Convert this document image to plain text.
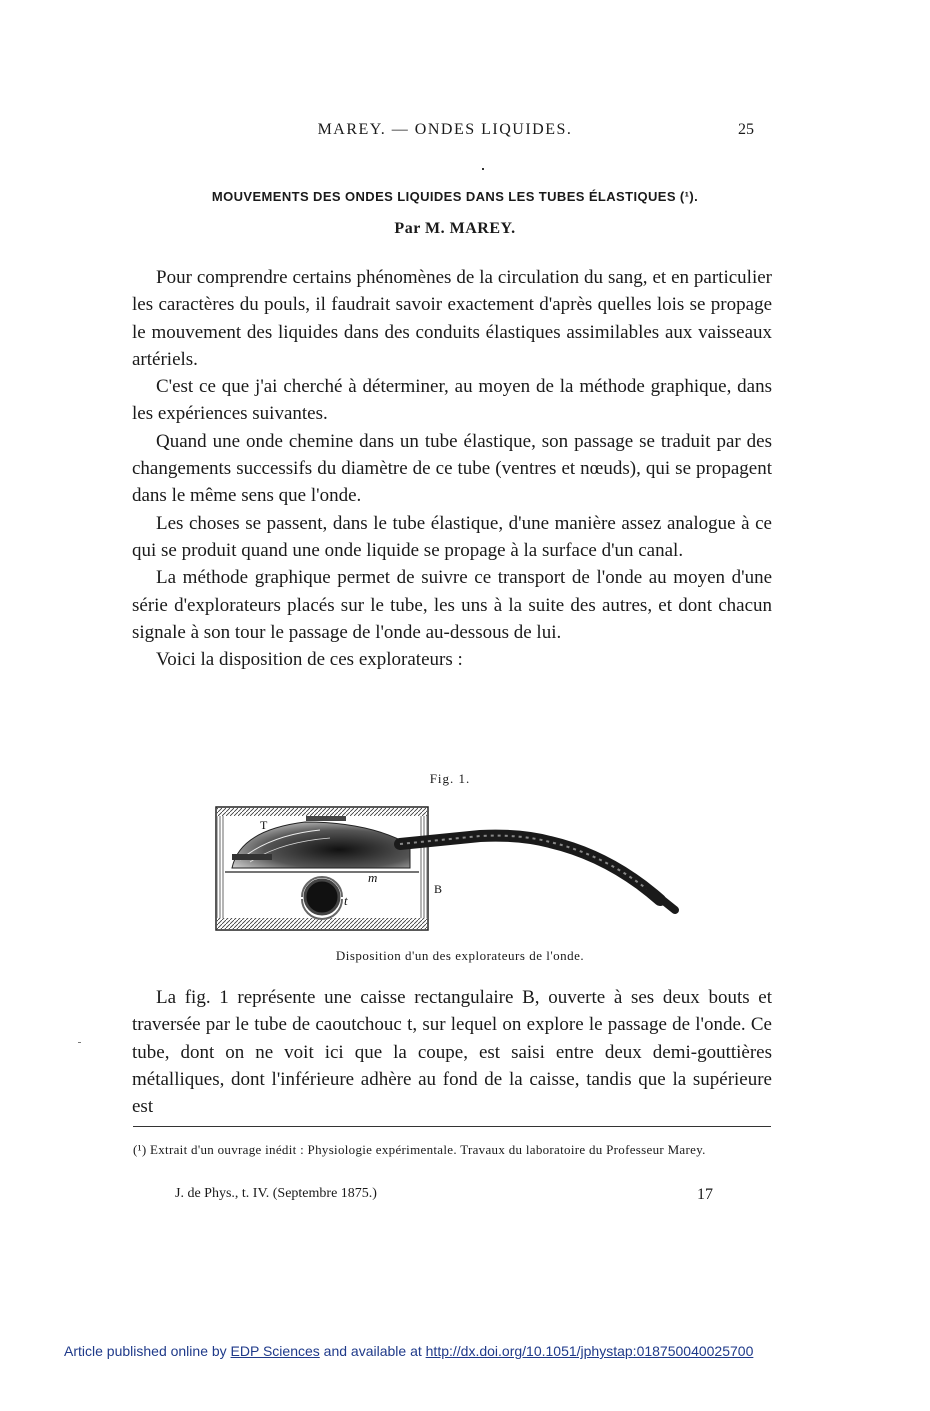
MAREY. — ONDES LIQUIDES.	25
MOUVEMENTS DES ONDES LIQUIDES DANS LES TUBES ÉLASTIQUES (¹).
Par M. MAREY.

Pour comprendre certains phénomènes de la circulation du sang, et en particulier les caractères du pouls, il faudrait savoir exactement d'après quelles lois se propage le mouvement des liquides dans des conduits élastiques assimilables aux vaisseaux artériels.

C'est ce que j'ai cherché à déterminer, au moyen de la méthode graphique, dans les expériences suivantes.

Quand une onde chemine dans un tube élastique, son passage se traduit par des changements successifs du diamètre de ce tube (ventres et nœuds), qui se propagent dans le même sens que l'onde.

Les choses se passent, dans le tube élastique, d'une manière assez analogue à ce qui se produit quand une onde liquide se propage à la surface d'un canal.

La méthode graphique permet de suivre ce transport de l'onde au moyen d'une série d'explorateurs placés sur le tube, les uns à la suite des autres, et dont chacun signale à son tour le passage de l'onde au-dessous de lui.

Voici la disposition de ces explorateurs :

Fig. 1.
T
m
t
B
Disposition d'un des explorateurs de l'onde.

La fig. 1 représente une caisse rectangulaire B, ouverte à ses deux bouts et traversée par le tube de caoutchouc t, sur lequel on explore le passage de l'onde. Ce tube, dont on ne voit ici que la coupe, est saisi entre deux demi-gouttières métalliques, dont l'inférieure adhère au fond de la caisse, tandis que la supérieure est

(¹) Extrait d'un ouvrage inédit : Physiologie expérimentale. Travaux du laboratoire du Professeur Marey.
J. de Phys., t. IV. (Septembre 1875.)	17
Article published online by EDP Sciences and available at http://dx.doi.org/10.1051/jphystap:018750040025700
